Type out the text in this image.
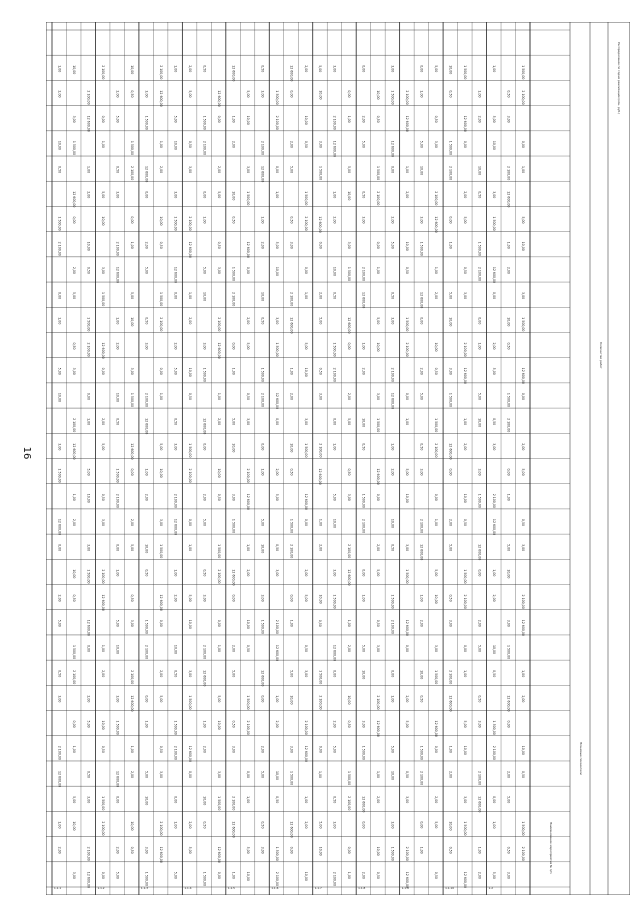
16
1,00
2,00
10,00
0,50
1 500,00
2 100,00
0,00
1,00
5,00
10,00
3,00
1 500,00
12 600,00
0,00
2,00
5,00
0,50
3,00
2 100,00
12 600,00
1,00
2,00
10,00
3,00
1 500,00
12 600,00
0,00
2,00
5,00
0,50
3,00
2 100,00
12 600,00
1,00
2,00
10,00
0,50
1 500,00
2 100,00
0,00
1,00
5,00
10,00
3,00
2 100,00
12 600,00
1,00
2,00
10,00
0,50
1 500,00
2 100,00
0,00
1,00
5,00
10,00
3,00
1 500,00
12 600,00
0,00
2,00
5,00
0,50
3,00
2 100,00
12 600,00
1.1.1
2 100,00
0,00
1,00
5,00
10,00
3,00
1 500,00
12 600,00
0,00
2,00
5,00
0,50
3,00
2 100,00
12 600,00
1,00
2,00
10,00
0,50
1 500,00
2 100,00
0,00
2,00
5,00
0,50
3,00
2 100,00
12 600,00
1,00
2,00
10,00
0,50
1 500,00
2 100,00
0,00
1,00
5,00
10,00
3,00
1 500,00
12 600,00
0,00
2,00
5,00
10,00
0,50
1 500,00
2 100,00
0,00
1,00
5,00
10,00
3,00
1 500,00
12 600,00
0,00
2,00
5,00
0,50
3,00
2 100,00
12 600,00
1,00
2,00
10,00
0,50
1.1.2
3,00
1 500,00
12 600,00
0,00
2,00
5,00
0,50
3,00
2 100,00
12 600,00
1,00
2,00
10,00
0,50
1 500,00
2 100,00
0,00
1,00
5,00
10,00
3,00
1 500,00
2 100,00
12 600,00
1,00
2,00
10,00
0,50
1 500,00
2 100,00
0,00
1,00
5,00
10,00
3,00
1 500,00
12 600,00
0,00
2,00
5,00
0,50
3,00
2 100,00
12 600,00
1,00
5,00
10,00
3,00
1 500,00
12 600,00
0,00
2,00
5,00
0,50
3,00
2 100,00
12 600,00
1,00
2,00
10,00
0,50
1 500,00
2 100,00
0,00
1,00
5,00
1.1.3
2,00
5,00
0,50
3,00
2 100,00
12 600,00
1,00
2,00
10,00
0,50
1 500,00
2 100,00
0,00
1,00
5,00
10,00
3,00
1 500,00
12 600,00
0,00
2,00
5,00
0,50
1 500,00
2 100,00
0,00
1,00
5,00
10,00
3,00
1 500,00
12 600,00
0,00
2,00
5,00
0,50
3,00
2 100,00
12 600,00
1,00
2,00
10,00
0,50
1 500,00
12 600,00
0,00
2,00
5,00
0,50
3,00
2 100,00
12 600,00
1,00
2,00
10,00
0,50
1 500,00
2 100,00
0,00
1,00
5,00
10,00
3,00
1 500,00
12 600,00
0,00
1.1.4
12 600,00
1,00
2,00
10,00
0,50
1 500,00
2 100,00
0,00
1,00
5,00
10,00
3,00
1 500,00
12 600,00
0,00
2,00
5,00
0,50
3,00
2 100,00
12 600,00
1,00
5,00
10,00
3,00
1 500,00
12 600,00
0,00
2,00
5,00
0,50
3,00
2 100,00
12 600,00
1,00
2,00
10,00
0,50
1 500,00
2 100,00
0,00
1,00
5,00
10,00
0,50
3,00
2 100,00
12 600,00
1,00
2,00
10,00
0,50
1 500,00
2 100,00
0,00
1,00
5,00
10,00
3,00
1 500,00
12 600,00
0,00
2,00
5,00
0,50
3,00
1.1.5
1 500,00
2 100,00
0,00
1,00
5,00
10,00
3,00
1 500,00
12 600,00
0,00
2,00
5,00
0,50
3,00
2 100,00
12 600,00
1,00
2,00
10,00
0,50
1 500,00
2 100,00
12 600,00
0,00
2,00
5,00
0,50
3,00
2 100,00
12 600,00
1,00
2,00
10,00
0,50
1 500,00
2 100,00
0,00
1,00
5,00
10,00
3,00
1 500,00
12 600,00
0,00
2,00
10,00
0,50
1 500,00
2 100,00
0,00
1,00
5,00
10,00
3,00
1 500,00
12 600,00
0,00
2,00
5,00
0,50
3,00
2 100,00
12 600,00
1,00
2,00
10,00
1.1.6
5,00
10,00
3,00
1 500,00
12 600,00
0,00
2,00
5,00
0,50
3,00
2 100,00
12 600,00
1,00
2,00
10,00
0,50
1 500,00
2 100,00
0,00
1,00
5,00
10,00
3,00
2 100,00
12 600,00
1,00
2,00
10,00
0,50
1 500,00
2 100,00
0,00
1,00
5,00
10,00
3,00
1 500,00
12 600,00
0,00
2,00
5,00
0,50
3,00
2 100,00
0,00
1,00
5,00
10,00
3,00
1 500,00
12 600,00
0,00
2,00
5,00
0,50
3,00
2 100,00
12 600,00
1,00
2,00
10,00
0,50
1 500,00
2 100,00
0,00
1,00
1.1.7
0,00
2,00
5,00
0,50
3,00
2 100,00
12 600,00
1,00
2,00
10,00
0,50
1 500,00
2 100,00
0,00
1,00
5,00
10,00
3,00
1 500,00
12 600,00
0,00
2,00
10,00
0,50
1 500,00
2 100,00
0,00
1,00
5,00
10,00
3,00
1 500,00
12 600,00
0,00
2,00
5,00
0,50
3,00
2 100,00
12 600,00
1,00
2,00
10,00
0,50
3,00
1 500,00
12 600,00
0,00
2,00
5,00
0,50
3,00
2 100,00
12 600,00
1,00
2,00
10,00
0,50
1 500,00
2 100,00
0,00
1,00
5,00
10,00
3,00
1 500,00
1.1.8
2 100,00
12 600,00
1,00
2,00
10,00
0,50
1 500,00
2 100,00
0,00
1,00
5,00
10,00
3,00
1 500,00
12 600,00
0,00
2,00
5,00
0,50
3,00
2 100,00
12 600,00
0,00
1,00
5,00
10,00
3,00
1 500,00
12 600,00
0,00
2,00
5,00
0,50
3,00
2 100,00
12 600,00
1,00
2,00
10,00
0,50
1 500,00
2 100,00
0,00
1,00
5,00
0,50
3,00
2 100,00
12 600,00
1,00
2,00
10,00
0,50
1 500,00
2 100,00
0,00
1,00
5,00
10,00
3,00
1 500,00
12 600,00
0,00
2,00
5,00
0,50
1.1.9
10,00
0,50
1 500,00
2 100,00
0,00
1,00
5,00
10,00
3,00
1 500,00
12 600,00
0,00
2,00
5,00
0,50
3,00
2 100,00
12 600,00
1,00
2,00
10,00
0,50
1 500,00
12 600,00
0,00
2,00
5,00
0,50
3,00
2 100,00
12 600,00
1,00
2,00
10,00
0,50
1 500,00
2 100,00
0,00
1,00
5,00
10,00
3,00
1 500,00
12 600,00
1,00
2,00
10,00
0,50
1 500,00
2 100,00
0,00
1,00
5,00
10,00
3,00
1 500,00
12 600,00
0,00
2,00
5,00
0,50
3,00
2 100,00
12 600,00
1,00
2,00
1.1.10
1,00
5,00
10,00
3,00
1 500,00
12 600,00
0,00
2,00
5,00
0,50
3,00
2 100,00
12 600,00
1,00
2,00
10,00
0,50
1 500,00
2 100,00
0,00
1,00
5,00
0,50
3,00
2 100,00
12 600,00
1,00
2,00
10,00
0,50
1 500,00
2 100,00
0,00
1,00
5,00
10,00
3,00
1 500,00
12 600,00
0,00
2,00
5,00
0,50
3,00
1 500,00
2 100,00
0,00
1,00
5,00
10,00
3,00
1 500,00
12 600,00
0,00
2,00
5,00
0,50
3,00
2 100,00
12 600,00
1,00
2,00
10,00
0,50
1 500,00
2 100,00
1.2
Распределение по годам реализации (млн. руб.)
Количество работ
Плановые показатели
Наименование мероприятия
№ п/п
